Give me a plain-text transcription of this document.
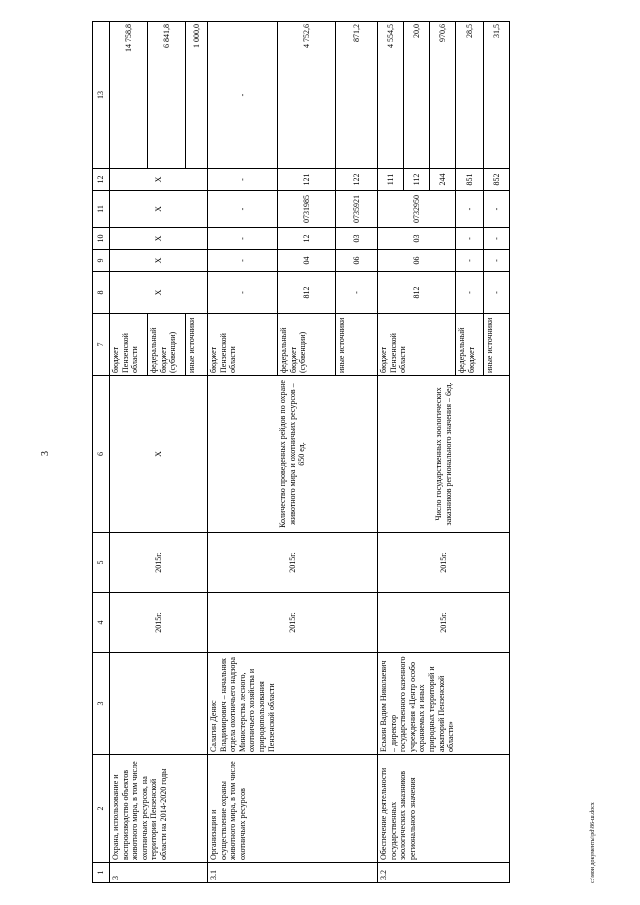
3
1	2	3	4	5	6	7	8	9	10	11	12	13
3	Охрана, использование и воспроизводство объектов животного мира, в том числе охотничьих ресурсов, на территории Пензенской области на 2014-2020 годы		2015г.	2015г.	X	бюджет Пензенской области	X	X	X	X	X	14 758,8
						федеральный бюджет (субвенции)						6 841,8
						иные источники						1 000,0
3.1	Организация и осуществление охраны животного мира, в том числе охотничьих ресурсов	Салагин Денис Владимирович – начальник отдела охотничьего надзора Министерства лесного, охотничьего хозяйства и природопользования Пензенской области	2015г.	2015г.	Количество проведенных рейдов по охране животного мира и охотничьих ресурсов – 650 ед.	бюджет Пензенской области	-	-	-	-	-	-

						федеральный бюджет (субвенции)	812	04	12	0731985	121	4 752,6
						иные источники	-	06	03	0735921	122	871,2
3.2	Обеспечение деятельности государственных зоологических заказников регионального значения	Еськин Вадим Николаевич – директор государственного казенного учреждения «Центр особо охраняемых и иных природных территорий и акваторий Пензенской области»	2015г.	2015г.	Число государственных зоологических заказников регионального значения – 6ед.	бюджет Пензенской области	812	06	03	0732950	111	4 554,5
											112	20,0
											244	970,6
						федеральный бюджет	-	-	-	-	851	28,5
						иные источники	-	-	-	-	852	31,5
c:\мои документы\pd\86-ш.docx
